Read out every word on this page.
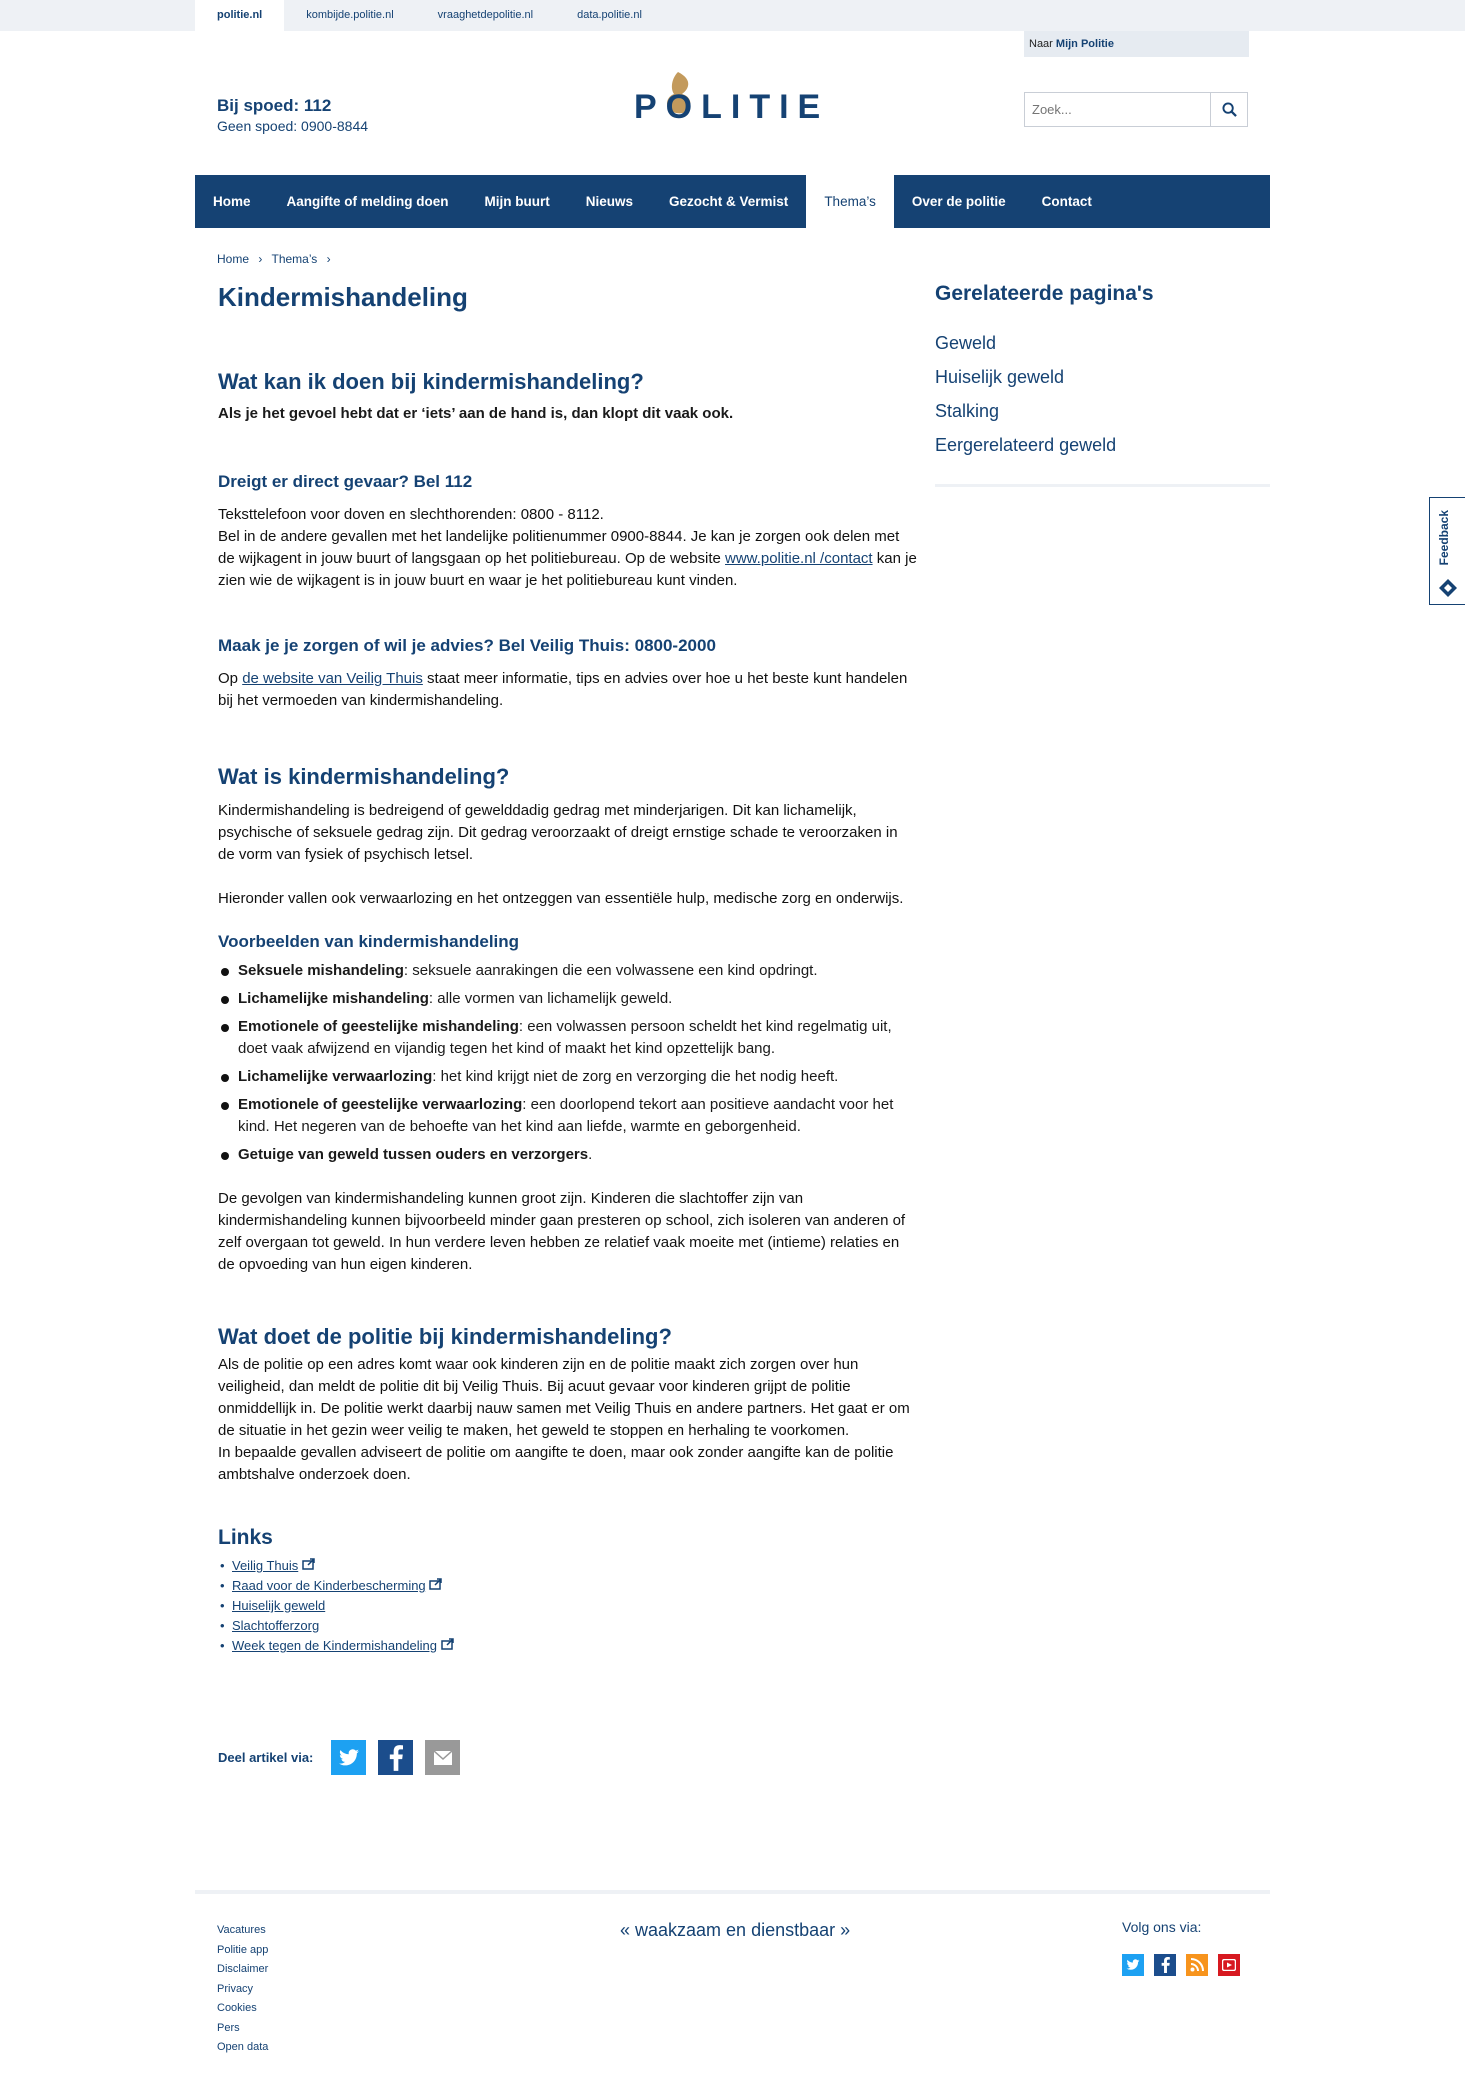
politie.nl	kombijde.politie.nl	vraaghetdepolitie.nl	data.politie.nl
Naar Mijn Politie
Bij spoed: 112
Geen spoed: 0900-8844	POLITIE
Zoek...
Home	Aangifte of melding doen	Mijn buurt	Nieuws	Gezocht & Vermist	Thema’s	Over de politie	Contact
Home › Thema’s ›
Kindermishandeling
Wat kan ik doen bij kindermishandeling?
Als je het gevoel hebt dat er ‘iets’ aan de hand is, dan klopt dit vaak ook.
Dreigt er direct gevaar? Bel 112
Teksttelefoon voor doven en slechthorenden: 0800 - 8112.
Bel in de andere gevallen met het landelijke politienummer 0900-8844. Je kan je zorgen ook delen met de wijkagent in jouw buurt of langsgaan op het politiebureau. Op de website www.politie.nl /contact kan je zien wie de wijkagent is in jouw buurt en waar je het politiebureau kunt vinden.
Maak je je zorgen of wil je advies? Bel Veilig Thuis: 0800-2000
Op de website van Veilig Thuis staat meer informatie, tips en advies over hoe u het beste kunt handelen bij het vermoeden van kindermishandeling.
Wat is kindermishandeling?
Kindermishandeling is bedreigend of gewelddadig gedrag met minderjarigen. Dit kan lichamelijk, psychische of seksuele gedrag zijn. Dit gedrag veroorzaakt of dreigt ernstige schade te veroorzaken in de vorm van fysiek of psychisch letsel.
Hieronder vallen ook verwaarlozing en het ontzeggen van essentiële hulp, medische zorg en onderwijs.
Voorbeelden van kindermishandeling
Seksuele mishandeling: seksuele aanrakingen die een volwassene een kind opdringt.
Lichamelijke mishandeling: alle vormen van lichamelijk geweld.
Emotionele of geestelijke mishandeling: een volwassen persoon scheldt het kind regelmatig uit, doet vaak afwijzend en vijandig tegen het kind of maakt het kind opzettelijk bang.
Lichamelijke verwaarlozing: het kind krijgt niet de zorg en verzorging die het nodig heeft.
Emotionele of geestelijke verwaarlozing: een doorlopend tekort aan positieve aandacht voor het kind. Het negeren van de behoefte van het kind aan liefde, warmte en geborgenheid.
Getuige van geweld tussen ouders en verzorgers.
De gevolgen van kindermishandeling kunnen groot zijn. Kinderen die slachtoffer zijn van kindermishandeling kunnen bijvoorbeeld minder gaan presteren op school, zich isoleren van anderen of zelf overgaan tot geweld. In hun verdere leven hebben ze relatief vaak moeite met (intieme) relaties en de opvoeding van hun eigen kinderen.
Wat doet de politie bij kindermishandeling?
Als de politie op een adres komt waar ook kinderen zijn en de politie maakt zich zorgen over hun veiligheid, dan meldt de politie dit bij Veilig Thuis. Bij acuut gevaar voor kinderen grijpt de politie onmiddellijk in. De politie werkt daarbij nauw samen met Veilig Thuis en andere partners. Het gaat er om de situatie in het gezin weer veilig te maken, het geweld te stoppen en herhaling te voorkomen.
In bepaalde gevallen adviseert de politie om aangifte te doen, maar ook zonder aangifte kan de politie ambtshalve onderzoek doen.
Links
• Veilig Thuis
• Raad voor de Kinderbescherming
• Huiselijk geweld
• Slachtofferzorg
• Week tegen de Kindermishandeling
Deel artikel via:
Gerelateerde pagina's
Geweld
Huiselijk geweld
Stalking
Eergerelateerd geweld
Feedback
Vacatures
Politie app
Disclaimer
Privacy
Cookies
Pers
Open data
« waakzaam en dienstbaar »	Volg ons via:
